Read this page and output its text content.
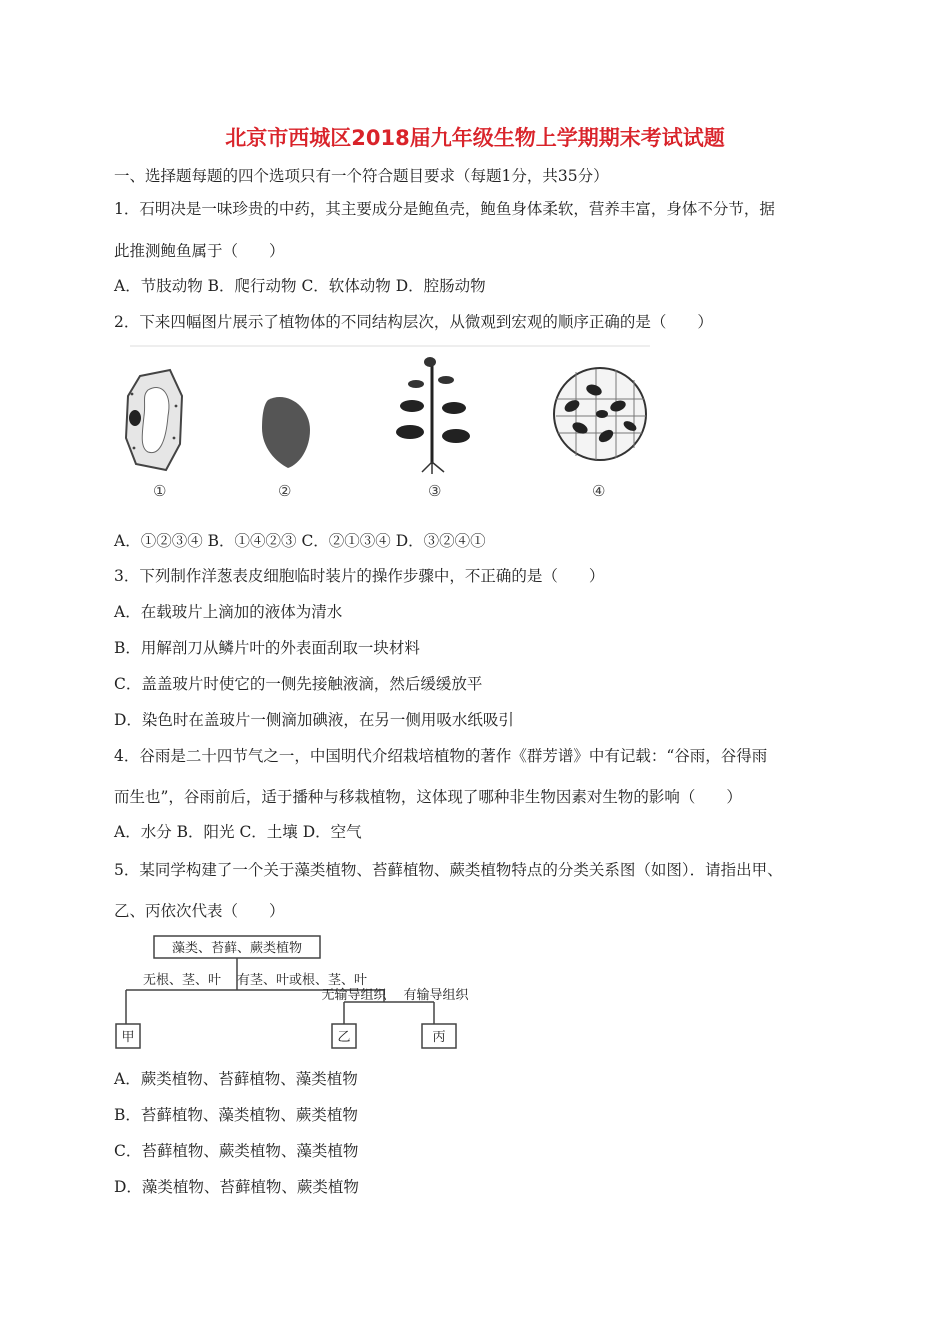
北京市西城区2018届九年级生物上学期期末考试试题
一、选择题每题的四个选项只有一个符合题目要求（每题1分，共35分）
1．石明决是一味珍贵的中药，其主要成分是鲍鱼壳，鲍鱼身体柔软，营养丰富，身体不分节，据
此推测鲍鱼属于（　　）
A．节肢动物 B．爬行动物 C．软体动物 D．腔肠动物
2．下来四幅图片展示了植物体的不同结构层次，从微观到宏观的顺序正确的是（　　）
①	②	③	④
A．①②③④ B．①④②③ C．②①③④ D．③②④①
3．下列制作洋葱表皮细胞临时装片的操作步骤中，不正确的是（　　）
A．在载玻片上滴加的液体为清水
B．用解剖刀从鳞片叶的外表面刮取一块材料
C．盖盖玻片时使它的一侧先接触液滴，然后缓缓放平
D．染色时在盖玻片一侧滴加碘液，在另一侧用吸水纸吸引
4．谷雨是二十四节气之一，中国明代介绍栽培植物的著作《群芳谱》中有记载：“谷雨，谷得雨
而生也”，谷雨前后，适于播种与移栽植物，这体现了哪种非生物因素对生物的影响（　　）
A．水分 B．阳光 C．土壤 D．空气
5．某同学构建了一个关于藻类植物、苔藓植物、蕨类植物特点的分类关系图（如图）．请指出甲、
乙、丙依次代表（　　）
藻类、苔藓、蕨类植物
无根、茎、叶 有茎、叶或根、茎、叶
无输导组织 有输导组织
甲	乙	丙
A．蕨类植物、苔藓植物、藻类植物
B．苔藓植物、藻类植物、蕨类植物
C．苔藓植物、蕨类植物、藻类植物
D．藻类植物、苔藓植物、蕨类植物
